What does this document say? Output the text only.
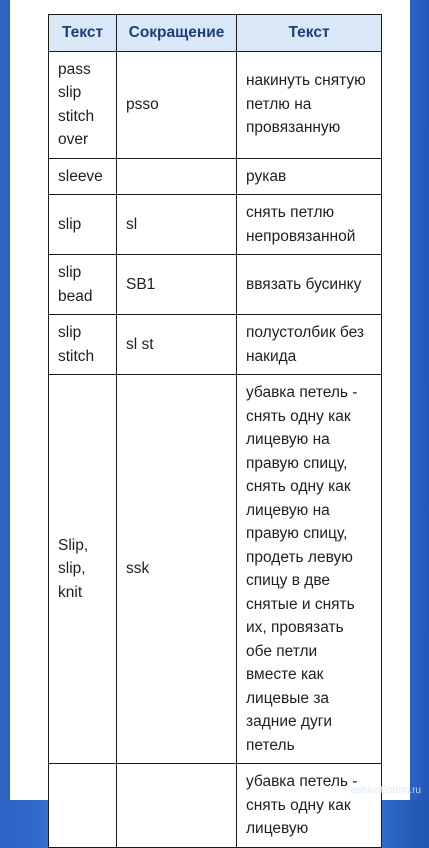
Текст	Сокращение	Текст
pass slip stitch over	psso	накинуть снятую петлю на провязанную
sleeve		рукав
slip	sl	снять петлю непровязанной
slip bead	SB1	ввязать бусинку
slip stitch	sl st	полустолбик без накида
Slip, slip, knit	ssk	убавка петель - снять одну как лицевую на правую спицу, снять одну как лицевую на правую спицу, продеть левую спицу в две снятые и снять их, провязать обе петли вместе как лицевые за задние дуги петель
		убавка петель - снять одну как лицевую
FashionForum.ru
